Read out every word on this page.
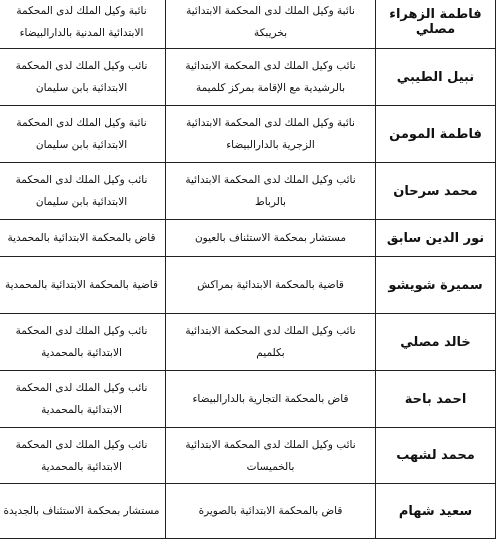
فاطمة الزهراء مصلي	نائبة وكيل الملك لدى المحكمة الابتدائية بخريبكة	نائبة وكيل الملك لدى المحكمة الابتدائية المدنية بالدارالبيضاء
نبيل الطيبي	نائب وكيل الملك لدى المحكمة الابتدائية بالرشيدية مع الإقامة بمركز كلميمة	نائب وكيل الملك لدى المحكمة الابتدائية بابن سليمان
فاطمة المومن	نائبة وكيل الملك لدى المحكمة الابتدائية الزجرية بالدارالبيضاء	نائبة وكيل الملك لدى المحكمة الابتدائية بابن سليمان
محمد سرحان	نائب وكيل الملك لدى المحكمة الابتدائية بالرباط	نائب وكيل الملك لدى المحكمة الابتدائية بابن سليمان
نور الدين سابق	مستشار بمحكمة الاستئناف بالعيون	قاض بالمحكمة الابتدائية بالمحمدية
سميرة شويشو	قاضية بالمحكمة الابتدائية بمراكش	قاضية بالمحكمة الابتدائية بالمحمدية
خالد مصلي	نائب وكيل الملك لدى المحكمة الابتدائية بكلميم	نائب وكيل الملك لدى المحكمة الابتدائية بالمحمدية
احمد باحة	قاض بالمحكمة التجارية بالدارالبيضاء	نائب وكيل الملك لدى المحكمة الابتدائية بالمحمدية
محمد لشهب	نائب وكيل الملك لدى المحكمة الابتدائية بالخميسات	نائب وكيل الملك لدى المحكمة الابتدائية بالمحمدية
سعيد شهام	قاض بالمحكمة الابتدائية بالصويرة	مستشار بمحكمة الاستئناف بالجديدة
